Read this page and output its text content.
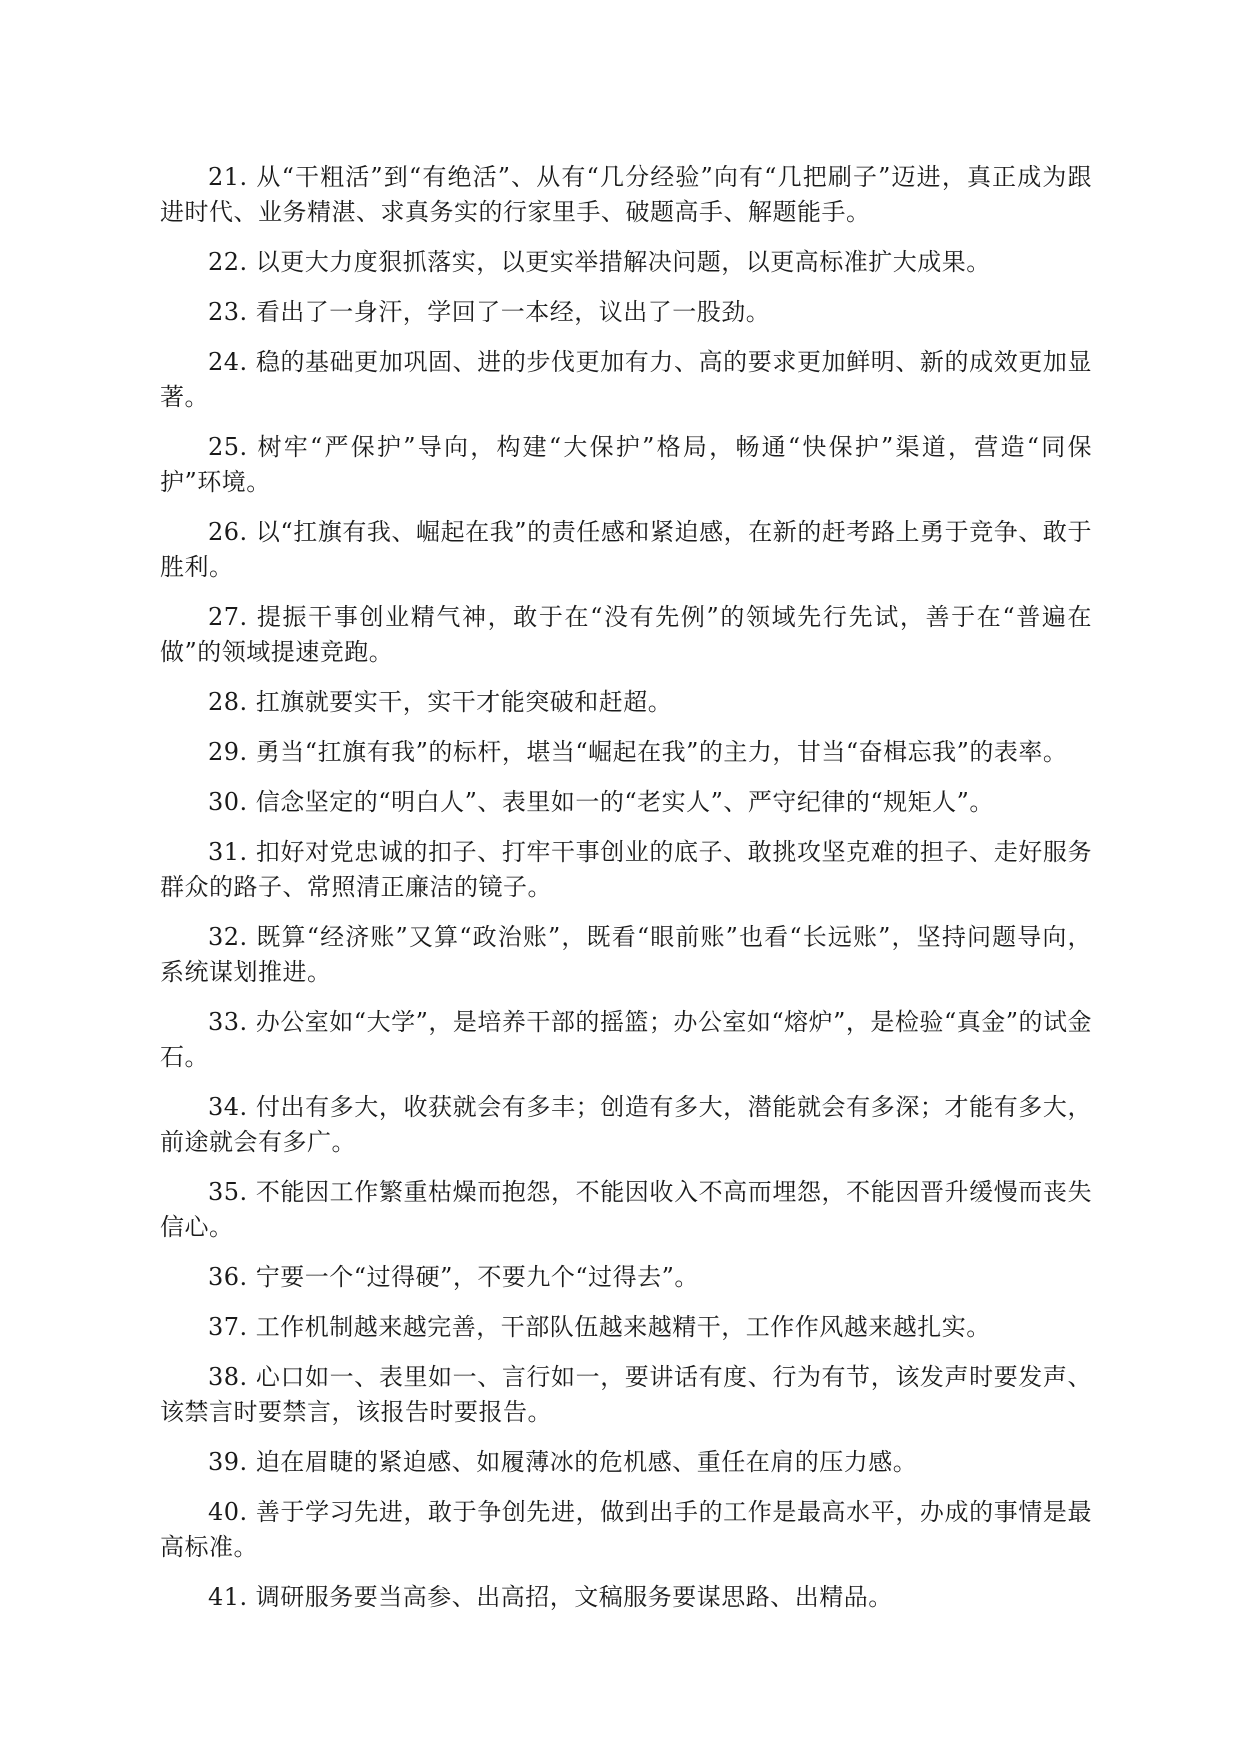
21. 从“干粗活”到“有绝活”、从有“几分经验”向有“几把刷子”迈进，真正成为跟进时代、业务精湛、求真务实的行家里手、破题高手、解题能手。

22. 以更大力度狠抓落实，以更实举措解决问题，以更高标准扩大成果。

23. 看出了一身汗，学回了一本经，议出了一股劲。

24. 稳的基础更加巩固、进的步伐更加有力、高的要求更加鲜明、新的成效更加显著。

25. 树牢“严保护”导向，构建“大保护”格局，畅通“快保护”渠道，营造“同保护”环境。

26. 以“扛旗有我、崛起在我”的责任感和紧迫感，在新的赶考路上勇于竞争、敢于胜利。

27. 提振干事创业精气神，敢于在“没有先例”的领域先行先试，善于在“普遍在做”的领域提速竞跑。

28. 扛旗就要实干，实干才能突破和赶超。

29. 勇当“扛旗有我”的标杆，堪当“崛起在我”的主力，甘当“奋楫忘我”的表率。

30. 信念坚定的“明白人”、表里如一的“老实人”、严守纪律的“规矩人”。

31. 扣好对党忠诚的扣子、打牢干事创业的底子、敢挑攻坚克难的担子、走好服务群众的路子、常照清正廉洁的镜子。

32. 既算“经济账”又算“政治账”，既看“眼前账”也看“长远账”，坚持问题导向，系统谋划推进。

33. 办公室如“大学”，是培养干部的摇篮；办公室如“熔炉”，是检验“真金”的试金石。

34. 付出有多大，收获就会有多丰；创造有多大，潜能就会有多深；才能有多大，前途就会有多广。

35. 不能因工作繁重枯燥而抱怨，不能因收入不高而埋怨，不能因晋升缓慢而丧失信心。

36. 宁要一个“过得硬”，不要九个“过得去”。

37. 工作机制越来越完善，干部队伍越来越精干，工作作风越来越扎实。

38. 心口如一、表里如一、言行如一，要讲话有度、行为有节，该发声时要发声、该禁言时要禁言，该报告时要报告。

39. 迫在眉睫的紧迫感、如履薄冰的危机感、重任在肩的压力感。

40. 善于学习先进，敢于争创先进，做到出手的工作是最高水平，办成的事情是最高标准。

41. 调研服务要当高参、出高招，文稿服务要谋思路、出精品。
